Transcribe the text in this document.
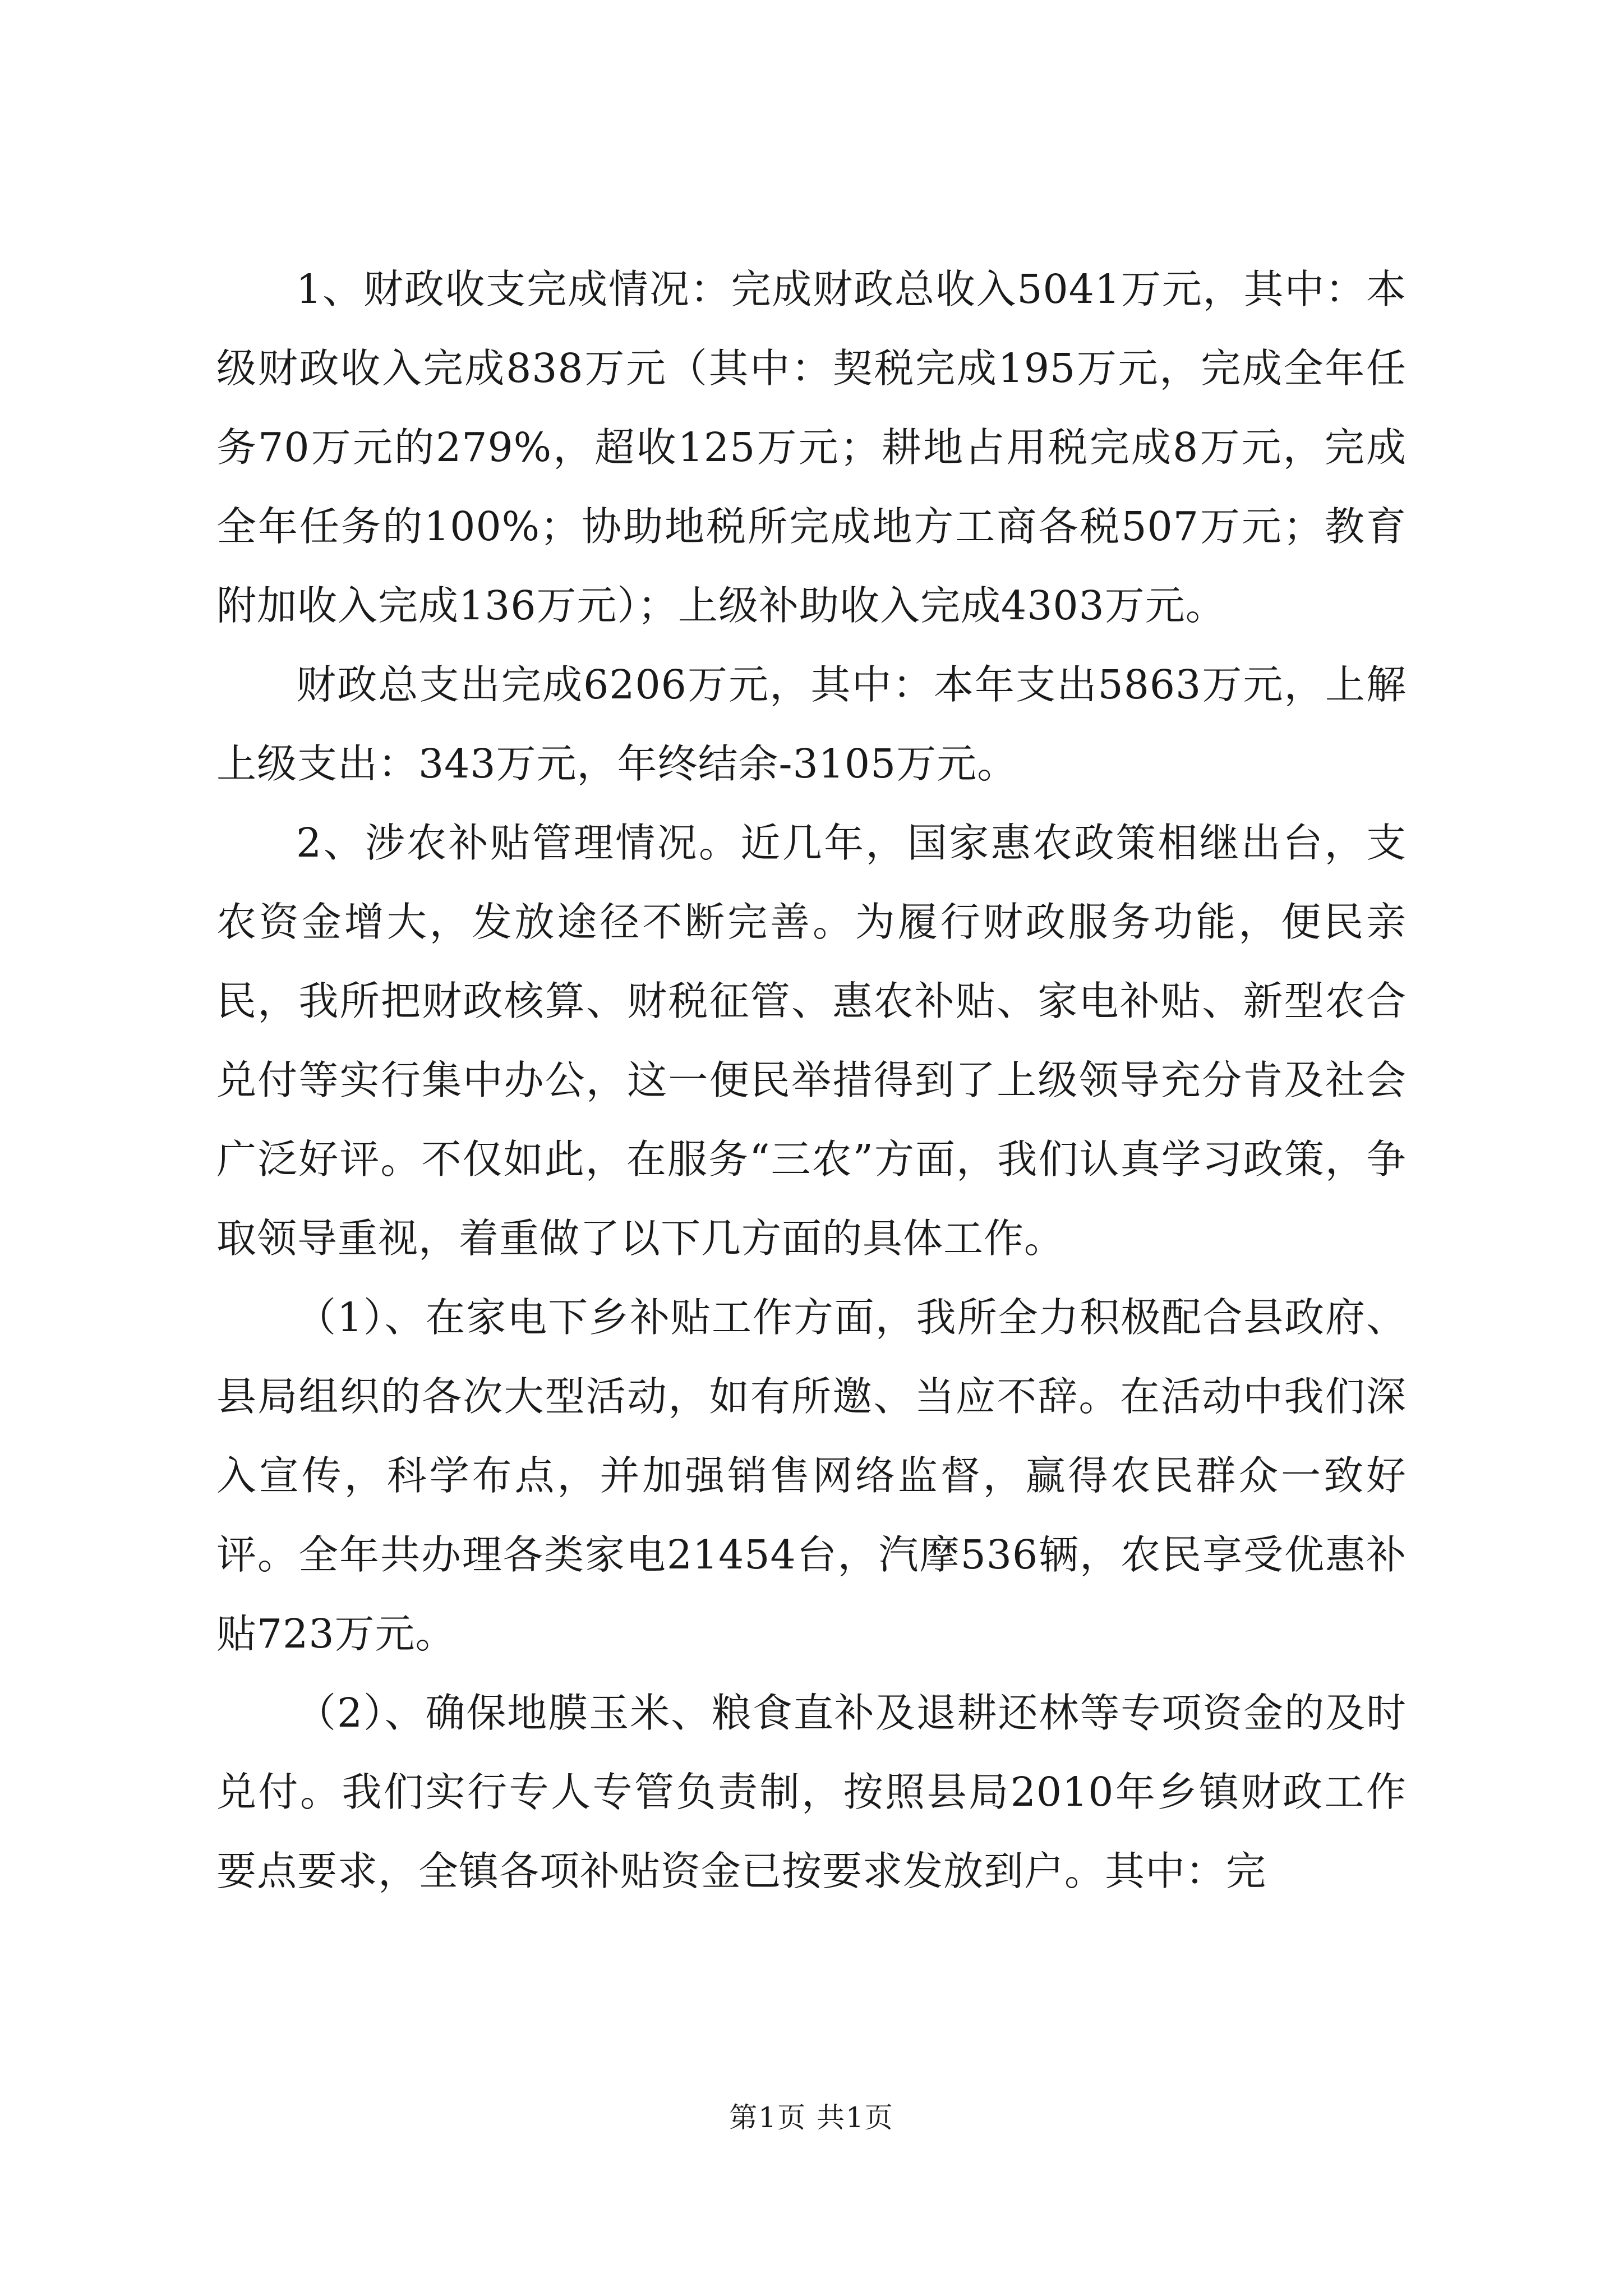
1、财政收支完成情况：完成财政总收入5041万元，其中：本级财政收入完成838万元（其中：契税完成195万元，完成全年任务70万元的279%，超收125万元；耕地占用税完成8万元，完成全年任务的100%；协助地税所完成地方工商各税507万元；教育附加收入完成136万元）；上级补助收入完成4303万元。

财政总支出完成6206万元，其中：本年支出5863万元，上解上级支出：343万元，年终结余-3105万元。

2、涉农补贴管理情况。近几年，国家惠农政策相继出台，支农资金增大，发放途径不断完善。为履行财政服务功能，便民亲民，我所把财政核算、财税征管、惠农补贴、家电补贴、新型农合兑付等实行集中办公，这一便民举措得到了上级领导充分肯及社会广泛好评。不仅如此，在服务“三农”方面，我们认真学习政策，争取领导重视，着重做了以下几方面的具体工作。

（1）、在家电下乡补贴工作方面，我所全力积极配合县政府、县局组织的各次大型活动，如有所邀、当应不辞。在活动中我们深入宣传，科学布点，并加强销售网络监督，赢得农民群众一致好评。全年共办理各类家电21454台，汽摩536辆，农民享受优惠补贴723万元。

（2）、确保地膜玉米、粮食直补及退耕还林等专项资金的及时兑付。我们实行专人专管负责制，按照县局2010年乡镇财政工作要点要求，全镇各项补贴资金已按要求发放到户。其中：完

第1页 共1页
